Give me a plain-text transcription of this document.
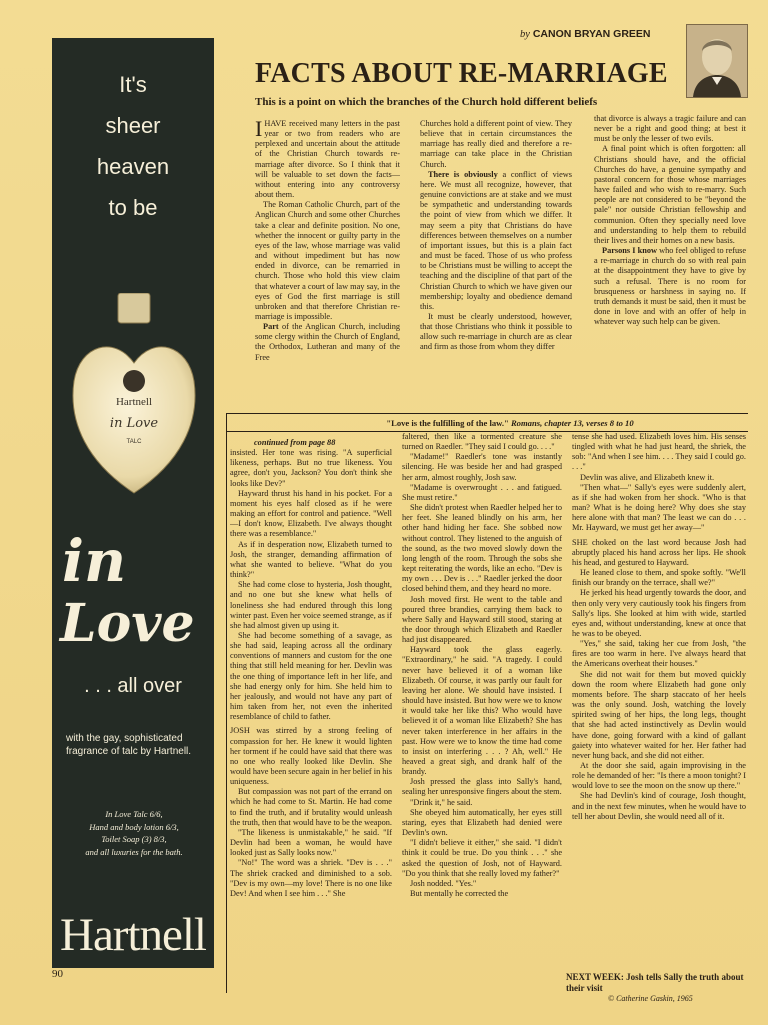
It's
sheer
heaven
to be
Hartnell
in Love
TALC
in
Love
. . . all over
with the gay, sophisticated fragrance of talc by Hartnell.
In Love Talc 6/6,
Hand and body lotion 6/3,
Toilet Soap (3) 8/3,
and all luxuries for the bath.
Hartnell
90
by CANON BRYAN GREEN
FACTS ABOUT RE-MARRIAGE
This is a point on which the branches of the Church hold different beliefs

IHAVE received many letters in the past year or two from readers who are perplexed and uncertain about the attitude of the Christian Church towards re-marriage after divorce. So I think that it will be valuable to set down the facts—without entering into any controversy about them.

The Roman Catholic Church, part of the Anglican Church and some other Churches take a clear and definite position. No one, whether the innocent or guilty party in the eyes of the law, whose marriage was valid and without impediment but has now ended in divorce, can be remarried in church. Those who hold this view claim that whatever a court of law may say, in the eyes of God the first marriage is still unbroken and that therefore Christian re-marriage is impossible.

Part of the Anglican Church, including some clergy within the Church of England, the Orthodox, Lutheran and many of the Free

Churches hold a different point of view. They believe that in certain circumstances the marriage has really died and therefore a re-marriage can take place in the Christian Church.

There is obviously a conflict of views here. We must all recognize, however, that genuine convictions are at stake and we must be sympathetic and understanding towards the point of view from which we differ. It may seem a pity that Christians do have differences between themselves on a number of important issues, but this is a plain fact and must be faced. Those of us who profess to be Christians must be willing to accept the teaching and the discipline of that part of the Christian Church to which we have given our membership; loyalty and obedience demand this.

It must be clearly understood, however, that those Christians who think it possible to allow such re-marriage in church are as clear and firm as those from whom they differ

that divorce is always a tragic failure and can never be a right and good thing; at best it must be only the lesser of two evils.

A final point which is often forgotten: all Christians should have, and the official Churches do have, a genuine sympathy and pastoral concern for those whose marriages have failed and who wish to re-marry. Such people are not considered to be "beyond the pale" nor outside Christian fellowship and communion. Often they specially need love and understanding to help them to rebuild their lives and their homes on a new basis.

Parsons I know who feel obliged to refuse a re-marriage in church do so with real pain at the disappointment they have to give by such a refusal. There is no room for brusqueness or harshness in saying no. If truth demands it must be said, then it must be done in love and with an offer of help in whatever way such help can be given.

"Love is the fulfilling of the law." Romans, chapter 13, verses 8 to 10

continued from page 88

insisted. Her tone was rising. "A superficial likeness, perhaps. But no true likeness. You agree, don't you, Jackson? You don't think she looks like Dev?"

Hayward thrust his hand in his pocket. For a moment his eyes half closed as if he were making an effort for control and patience. "Well—I don't know, Elizabeth. I've always thought there was a resemblance."

As if in desperation now, Elizabeth turned to Josh, the stranger, demanding affirmation of what she wanted to believe. "What do you think?"

She had come close to hysteria, Josh thought, and no one but she knew what hells of loneliness she had endured through this long winter past. Even her voice seemed strange, as if she had almost given up using it.

She had become something of a savage, as she had said, leaping across all the ordinary conventions of manners and custom for the one thing that still held meaning for her. Devlin was the one thing of importance left in her life, and she had energy only for him. She held him to her jealously, and would not have any part of him taken from her, not even the inherited resemblance of child to father.

JOSH was stirred by a strong feeling of compassion for her. He knew it would lighten her torment if he could have said that there was no one who really looked like Devlin. She would have been secure again in her belief in his uniqueness.

But compassion was not part of the errand on which he had come to St. Martin. He had come to find the truth, and if brutality would unleash the truth, then that would have to be the weapon.

"The likeness is unmistakable," he said. "If Devlin had been a woman, he would have looked just as Sally looks now."

"No!" The word was a shriek. "Dev is . . ." The shriek cracked and diminished to a sob. "Dev is my own—my love! There is no one like Dev! And when I see him . . ." She

faltered, then like a tormented creature she turned on Raedler. "They said I could go. . . ."

"Madame!" Raedler's tone was instantly silencing. He was beside her and had grasped her arm, almost roughly, Josh saw.

"Madame is overwrought . . . and fatigued. She must retire."

She didn't protest when Raedler helped her to her feet. She leaned blindly on his arm, her other hand hiding her face. She sobbed now without control. They listened to the anguish of the sound, as the two moved slowly down the long length of the room. Through the sobs she kept reiterating the words, like an echo. "Dev is my own . . . Dev is . . ." Raedler jerked the door closed behind them, and they heard no more.

Josh moved first. He went to the table and poured three brandies, carrying them back to where Sally and Hayward still stood, staring at the door through which Elizabeth and Raedler had just disappeared.

Hayward took the glass eagerly. "Extraordinary," he said. "A tragedy. I could never have believed it of a woman like Elizabeth. Of course, it was partly our fault for leaving her alone. We should have insisted. I should have insisted. But how were we to know it would take her like this? Who would have believed it of a woman like Elizabeth? She has never taken interference in her affairs in the past. How were we to know the time had come to insist on interfering . . . ? Ah, well." He heaved a great sigh, and drank half of the brandy.

Josh pressed the glass into Sally's hand, sealing her unresponsive fingers about the stem.

"Drink it," he said.

She obeyed him automatically, her eyes still staring, eyes that Elizabeth had denied were Devlin's own.

"I didn't believe it either," she said. "I didn't think it could be true. Do you think . . ." she asked the question of Josh, not of Hayward. "Do you think that she really loved my father?"

Josh nodded. "Yes."

But mentally he corrected the

tense she had used. Elizabeth loves him. His senses tingled with what he had just heard, the shriek, the sob: "And when I see him. . . . They said I could go. . . ."

Devlin was alive, and Elizabeth knew it.

"Then what—" Sally's eyes were suddenly alert, as if she had woken from her shock. "Who is that man? What is he doing here? Why does she stay here alone with that man? The least we can do . . . Mr. Hayward, we must get her away—"

SHE choked on the last word because Josh had abruptly placed his hand across her lips. He shook his head, and gestured to Hayward.

He leaned close to them, and spoke softly. "We'll finish our brandy on the terrace, shall we?"

He jerked his head urgently towards the door, and then only very very cautiously took his fingers from Sally's lips. She looked at him with wide, startled eyes and, without understanding, knew at once that he was to be obeyed.

"Yes," she said, taking her cue from Josh, "the fires are too warm in here. I've always heard that the Americans overheat their houses."

She did not wait for them but moved quickly down the room where Elizabeth had gone only moments before. The sharp staccato of her heels was the only sound. Josh, watching the lovely spirited swing of her hips, the long legs, thought that she had acted instinctively as Devlin would have done, going forward with a kind of gallant gaiety into whatever waited for her. Her father had never hung back, and she did not either.

At the door she said, again improvising in the role he demanded of her: "Is there a moon tonight? I would love to see the moon on the snow up there."

She had Devlin's kind of courage, Josh thought, and in the next few minutes, when he would have to tell her about Devlin, she would need all of it.

NEXT WEEK: Josh tells Sally the truth about their visit
© Catherine Gaskin, 1965
